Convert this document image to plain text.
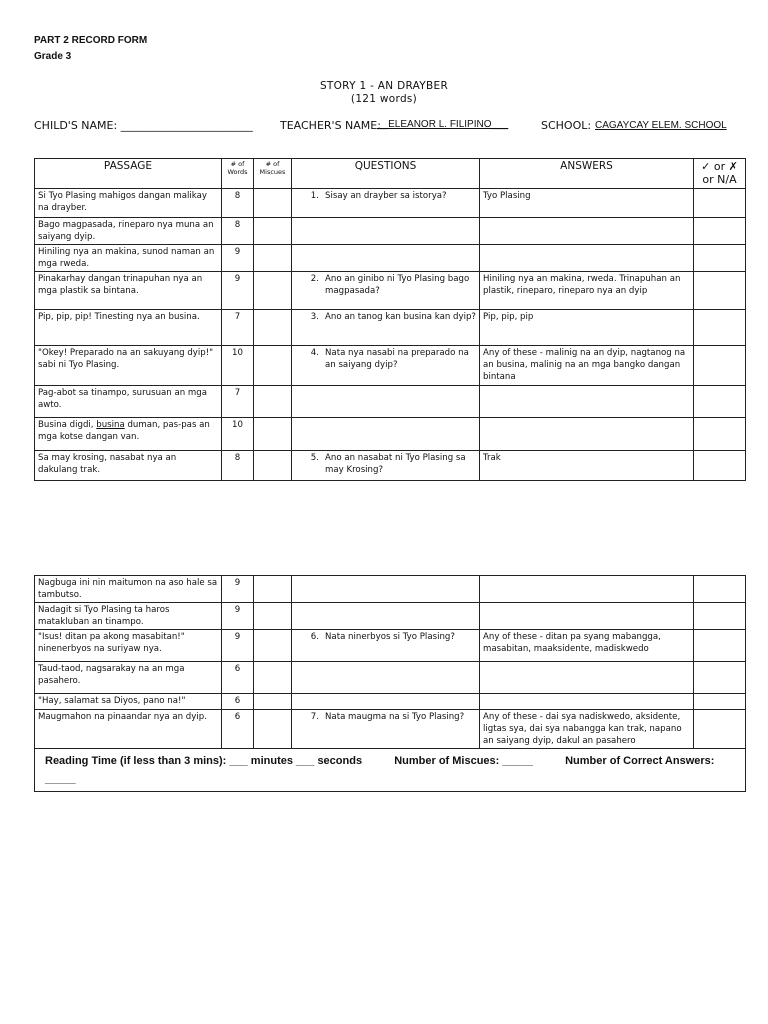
PART 2 RECORD FORM
Grade 3
STORY 1 - AN DRAYBER
(121 words)
CHILD'S NAME: ________________________ TEACHER'S NAME:
__ELEANOR L. FILIPINO___	SCHOOL: CAGAYCAY ELEM. SCHOOL
PASSAGE	# of Words	# of Miscues	QUESTIONS	ANSWERS	✓ or ✗ or N/A
Si Tyo Plasing mahigos dangan malikay na drayber.	8		1. Sisay an drayber sa istorya?	Tyo Plasing	
Bago magpasada, rineparo nya muna an saiyang dyip.	8				
Hiniling nya an makina, sunod naman an mga rweda.	9				
Pinakarhay dangan trinapuhan nya an mga plastik sa bintana.	9		2. Ano an ginibo ni Tyo Plasing bago magpasada?	Hiniling nya an makina, rweda. Trinapuhan an plastik, rineparo, rineparo nya an dyip	
Pip, pip, pip! Tinesting nya an busina.	7		3. Ano an tanog kan busina kan dyip?	Pip, pip, pip	
"Okey! Preparado na an sakuyang dyip!" sabi ni Tyo Plasing.	10		4. Nata nya nasabi na preparado na an saiyang dyip?	Any of these - malinig na an dyip, nagtanog na an busina, malinig na an mga bangko dangan bintana	
Pag-abot sa tinampo, surusuan an mga awto.	7				
Busina digdi, busina duman, pas-pas an mga kotse dangan van.	10				
Sa may krosing, nasabat nya an dakulang trak.	8		5. Ano an nasabat ni Tyo Plasing sa may Krosing?	Trak	
Nagbuga ini nin maitumon na aso hale sa tambutso.	9				
Nadagit si Tyo Plasing ta haros matakluban an tinampo.	9				
"Isus! ditan pa akong masabitan!" ninenerbyos na suriyaw nya.	9		6. Nata ninerbyos si Tyo Plasing?	Any of these - ditan pa syang mabangga, masabitan, maaksidente, madiskwedo	
Taud-taod, nagsarakay na an mga pasahero.	6				
"Hay, salamat sa Diyos, pano na!"	6				
Maugmahon na pinaandar nya an dyip.	6		7. Nata maugma na si Tyo Plasing?	Any of these - dai sya nadiskwedo, aksidente, ligtas sya, dai sya nabangga kan trak, napano an saiyang dyip, dakul an pasahero	
Reading Time (if less than 3 mins): ___ minutes ___ seconds Number of Miscues: _____ Number of Correct Answers: _____					
